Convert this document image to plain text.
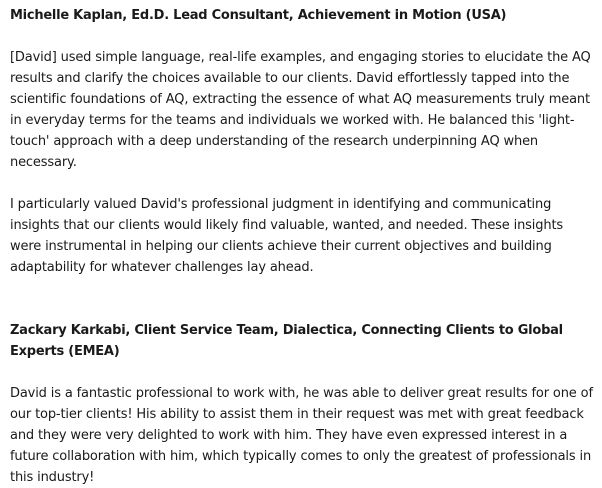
Michelle Kaplan, Ed.D. Lead Consultant, Achievement in Motion (USA)

[David] used simple language, real-life examples, and engaging stories to elucidate the AQ results and clarify the choices available to our clients. David effortlessly tapped into the scientific foundations of AQ, extracting the essence of what AQ measurements truly meant in everyday terms for the teams and individuals we worked with. He balanced this 'light-touch' approach with a deep understanding of the research underpinning AQ when necessary.

I particularly valued David's professional judgment in identifying and communicating insights that our clients would likely find valuable, wanted, and needed. These insights were instrumental in helping our clients achieve their current objectives and building adaptability for whatever challenges lay ahead.

Zackary Karkabi, Client Service Team, Dialectica, Connecting Clients to Global Experts (EMEA)

David is a fantastic professional to work with, he was able to deliver great results for one of our top-tier clients! His ability to assist them in their request was met with great feedback and they were very delighted to work with him. They have even expressed interest in a future collaboration with him, which typically comes to only the greatest of professionals in this industry!
